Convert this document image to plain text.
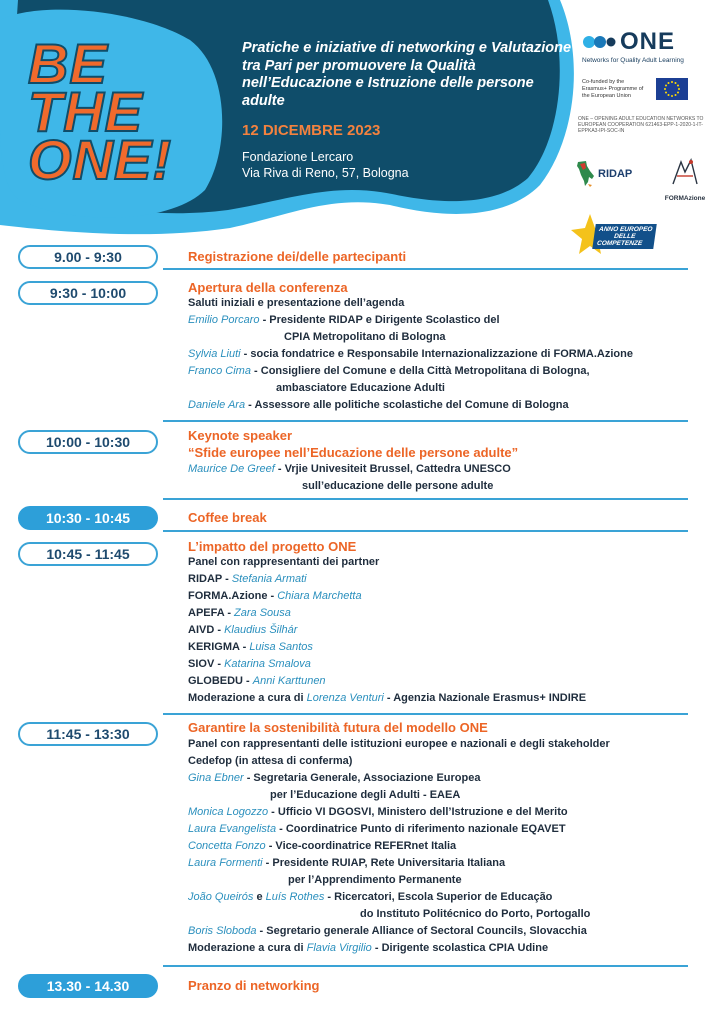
BE
THE
ONE!
Pratiche e iniziative di networking e Valutazione tra Pari per promuovere la Qualità nell’Educazione e Istruzione delle persone adulte
12 DICEMBRE 2023
Fondazione Lercaro
Via Riva di Reno, 57, Bologna
ONE
Networks for Quality Adult Learning
Co-funded by the Erasmus+ Programme of the European Union
ONE – OPENING ADULT EDUCATION NETWORKS TO EUROPEAN COOPERATION 621463-EPP-1-2020-1-IT-EPPKA3-IPI-SOC-IN
RIDAP
FORMAzione
ANNO EUROPEO
DELLE
COMPETENZE
9.00 - 9:30	Registrazione dei/delle partecipanti
9:30 - 10:00	Apertura della conferenza
Saluti iniziali e presentazione dell’agenda
Emilio Porcaro - Presidente RIDAP e Dirigente Scolastico del
CPIA Metropolitano di Bologna
Sylvia Liuti - socia fondatrice e Responsabile Internazionalizzazione di FORMA.Azione
Franco Cima - Consigliere del Comune e della Città Metropolitana di Bologna,
ambasciatore Educazione Adulti
Daniele Ara - Assessore alle politiche scolastiche del Comune di Bologna
10:00 - 10:30	Keynote speaker
“Sfide europee nell’Educazione delle persone adulte”
Maurice De Greef - Vrjie Univesiteit Brussel, Cattedra UNESCO
sull’educazione delle persone adulte
10:30 - 10:45	Coffee break
10:45 - 11:45	L’impatto del progetto ONE
Panel con rappresentanti dei partner
RIDAP - Stefania Armati
FORMA.Azione - Chiara Marchetta
APEFA - Zara Sousa
AIVD - Klaudius Šilhár
KERIGMA - Luisa Santos
SIOV - Katarina Smalova
GLOBEDU - Anni Karttunen
Moderazione a cura di Lorenza Venturi - Agenzia Nazionale Erasmus+ INDIRE
11:45 - 13:30	Garantire la sostenibilità futura del modello ONE
Panel con rappresentanti delle istituzioni europee e nazionali e degli stakeholder
Cedefop (in attesa di conferma)
Gina Ebner - Segretaria Generale, Associazione Europea
per l’Educazione degli Adulti - EAEA
Monica Logozzo - Ufficio VI DGOSVI, Ministero dell’Istruzione e del Merito
Laura Evangelista - Coordinatrice Punto di riferimento nazionale EQAVET
Concetta Fonzo - Vice-coordinatrice REFERnet Italia
Laura Formenti - Presidente RUIAP, Rete Universitaria Italiana
per l’Apprendimento Permanente
João Queirós e Luís Rothes - Ricercatori, Escola Superior de Educação
do Instituto Politécnico do Porto, Portogallo
Boris Sloboda - Segretario generale Alliance of Sectoral Councils, Slovacchia
Moderazione a cura di Flavia Virgilio - Dirigente scolastica CPIA Udine
13.30 - 14.30	Pranzo di networking
